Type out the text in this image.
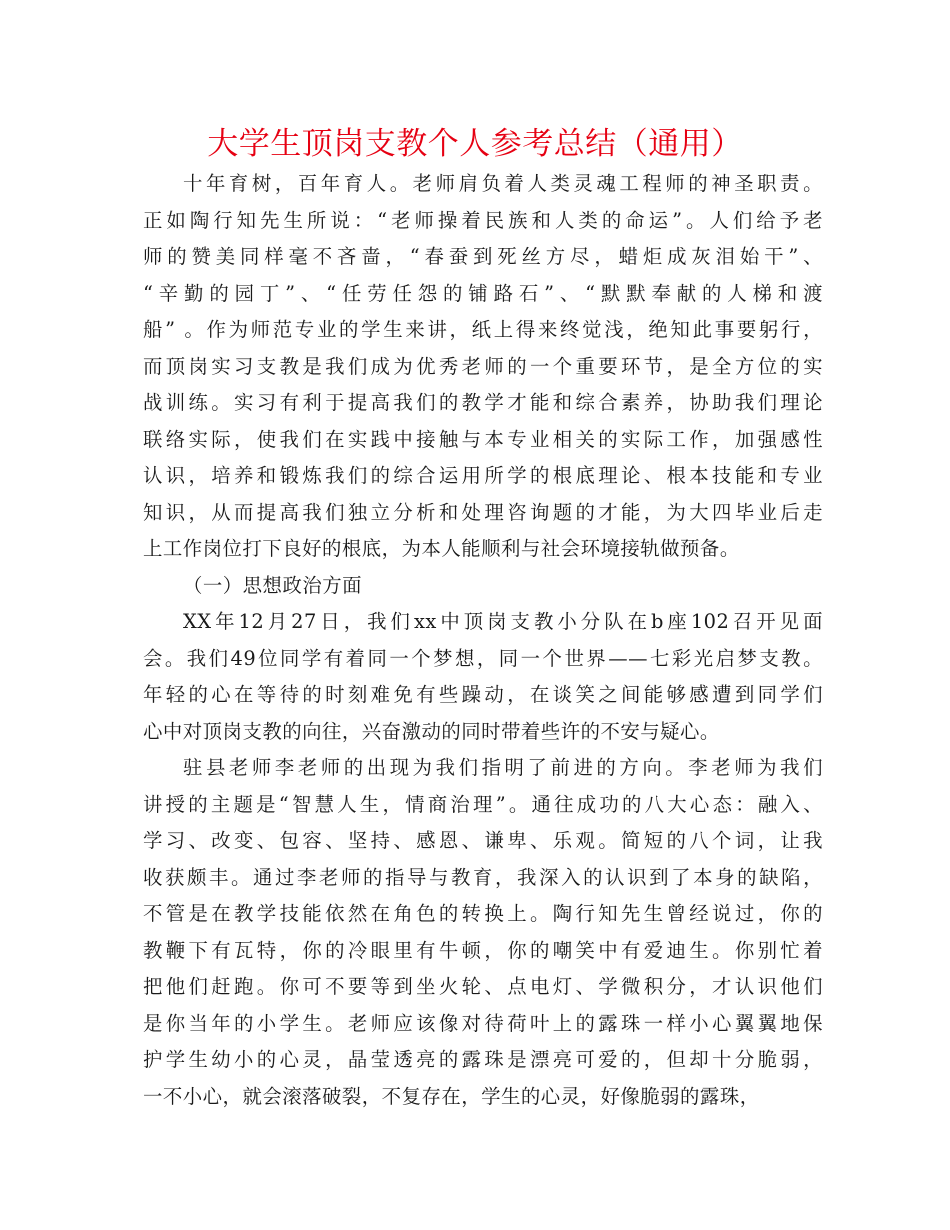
大学生顶岗支教个人参考总结（通用）
十年育树，百年育人。老师肩负着人类灵魂工程师的神圣职责。
正如陶行知先生所说：“老师操着民族和人类的命运”。人们给予老
师的赞美同样毫不吝啬，“春蚕到死丝方尽，蜡炬成灰泪始干”、
“辛勤的园丁”、“任劳任怨的铺路石”、“默默奉献的人梯和渡
船” 。作为师范专业的学生来讲，纸上得来终觉浅，绝知此事要躬行，
而顶岗实习支教是我们成为优秀老师的一个重要环节，是全方位的实
战训练。实习有利于提高我们的教学才能和综合素养，协助我们理论
联络实际，使我们在实践中接触与本专业相关的实际工作，加强感性
认识，培养和锻炼我们的综合运用所学的根底理论、根本技能和专业
知识，从而提高我们独立分析和处理咨询题的才能，为大四毕业后走
上工作岗位打下良好的根底，为本人能顺利与社会环境接轨做预备。
（一）思想政治方面
XX年12月27日，我们xx中顶岗支教小分队在b座102召开见面
会。我们49位同学有着同一个梦想，同一个世界——七彩光启梦支教。
年轻的心在等待的时刻难免有些躁动，在谈笑之间能够感遭到同学们
心中对顶岗支教的向往，兴奋激动的同时带着些许的不安与疑心。
驻县老师李老师的出现为我们指明了前进的方向。李老师为我们
讲授的主题是“智慧人生，情商治理”。通往成功的八大心态：融入、
学习、改变、包容、坚持、感恩、谦卑、乐观。简短的八个词，让我
收获颇丰。通过李老师的指导与教育，我深入的认识到了本身的缺陷，
不管是在教学技能依然在角色的转换上。陶行知先生曾经说过，你的
教鞭下有瓦特，你的冷眼里有牛顿，你的嘲笑中有爱迪生。你别忙着
把他们赶跑。你可不要等到坐火轮、点电灯、学微积分，才认识他们
是你当年的小学生。老师应该像对待荷叶上的露珠一样小心翼翼地保
护学生幼小的心灵，晶莹透亮的露珠是漂亮可爱的，但却十分脆弱，
一不小心，就会滚落破裂，不复存在，学生的心灵，好像脆弱的露珠，
